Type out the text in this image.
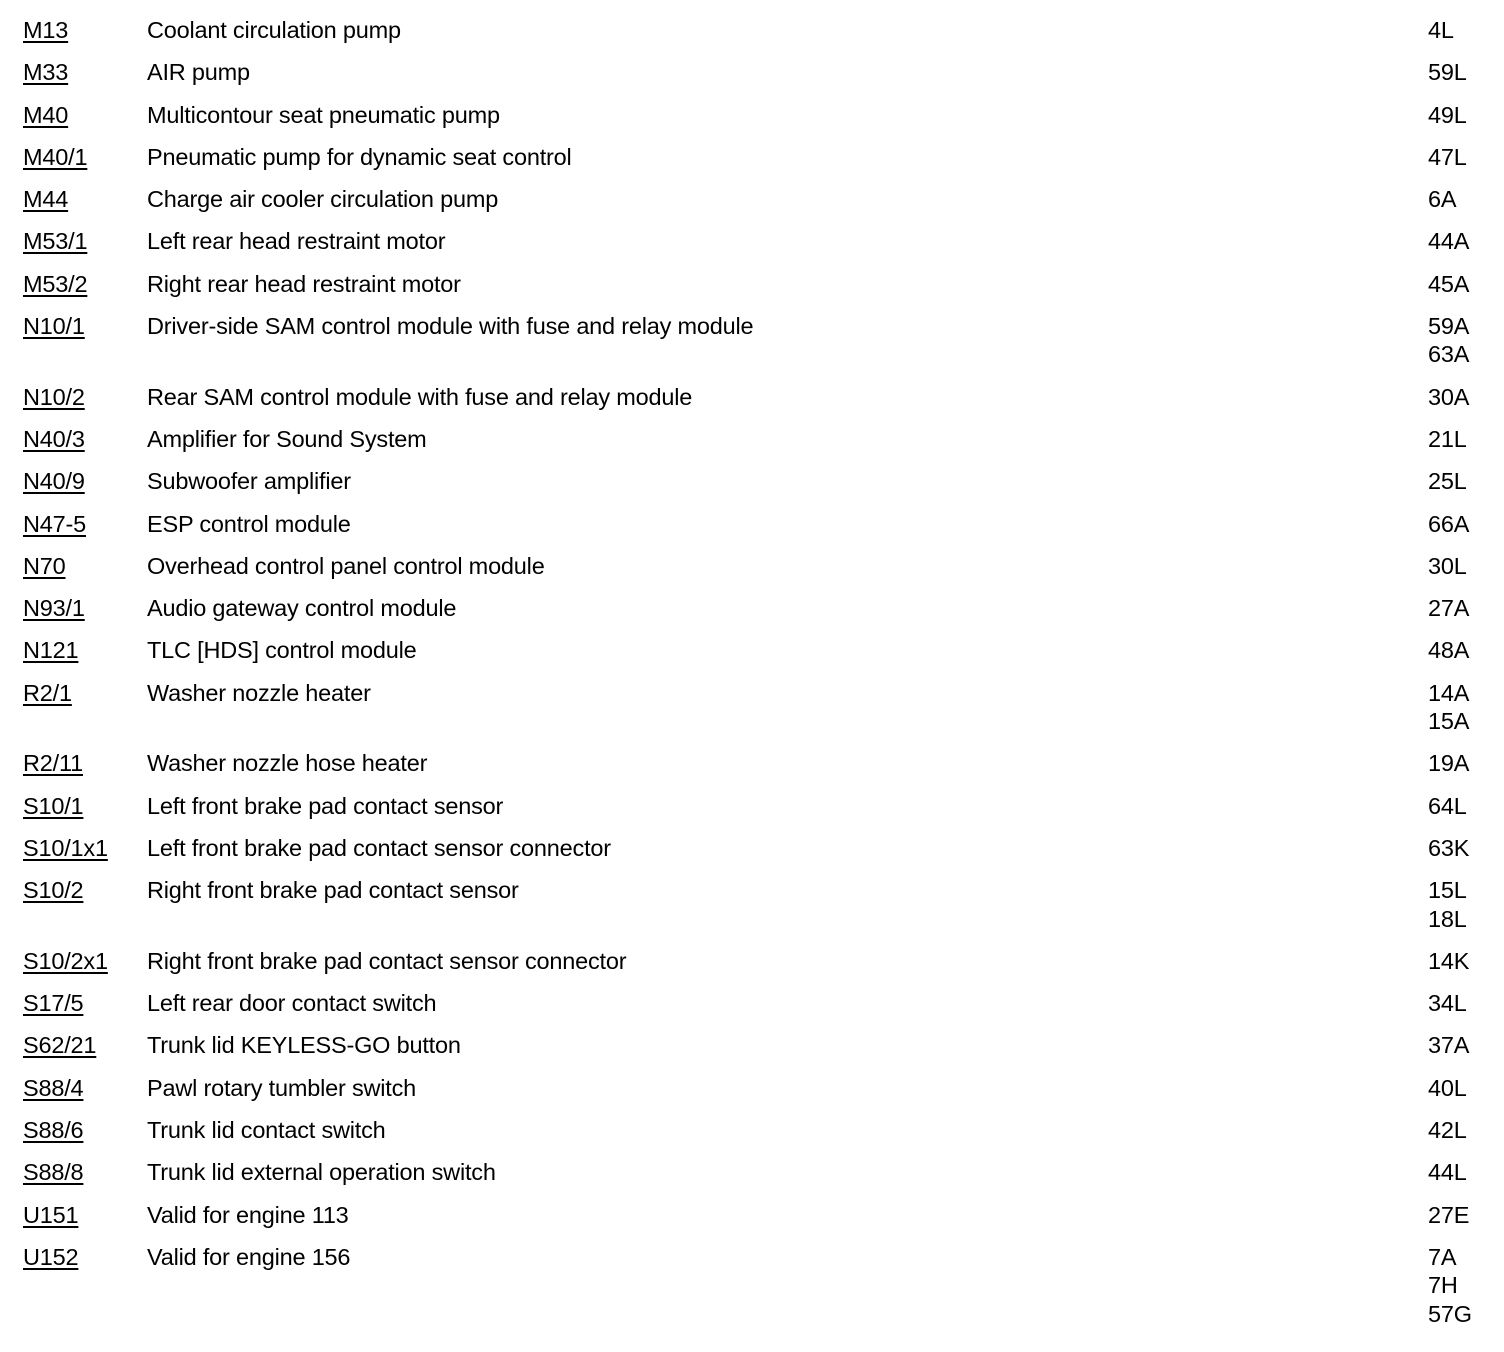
M13	Coolant circulation pump	4L
M33	AIR pump	59L
M40	Multicontour seat pneumatic pump	49L
M40/1	Pneumatic pump for dynamic seat control	47L
M44	Charge air cooler circulation pump	6A
M53/1	Left rear head restraint motor	44A
M53/2	Right rear head restraint motor	45A
N10/1	Driver-side SAM control module with fuse and relay module	59A
63A
N10/2	Rear SAM control module with fuse and relay module	30A
N40/3	Amplifier for Sound System	21L
N40/9	Subwoofer amplifier	25L
N47-5	ESP control module	66A
N70	Overhead control panel control module	30L
N93/1	Audio gateway control module	27A
N121	TLC [HDS] control module	48A
R2/1	Washer nozzle heater	14A
15A
R2/11	Washer nozzle hose heater	19A
S10/1	Left front brake pad contact sensor	64L
S10/1x1	Left front brake pad contact sensor connector	63K
S10/2	Right front brake pad contact sensor	15L
18L
S10/2x1	Right front brake pad contact sensor connector	14K
S17/5	Left rear door contact switch	34L
S62/21	Trunk lid KEYLESS-GO button	37A
S88/4	Pawl rotary tumbler switch	40L
S88/6	Trunk lid contact switch	42L
S88/8	Trunk lid external operation switch	44L
U151	Valid for engine 113	27E
U152	Valid for engine 156	7A
7H
57G
